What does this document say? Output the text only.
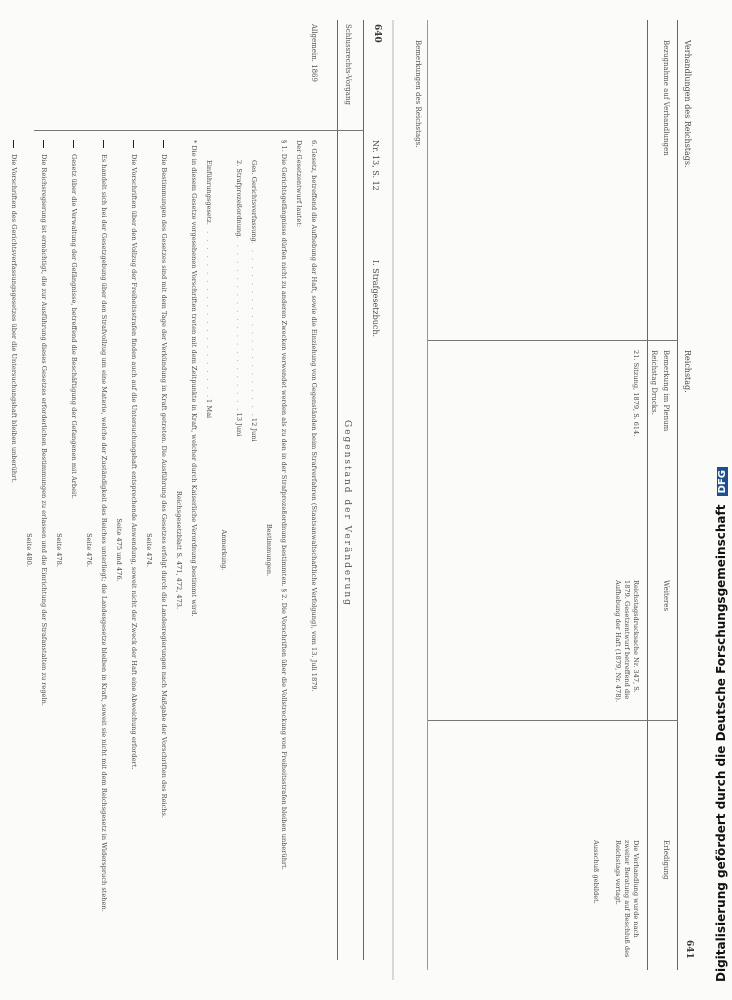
640
Nr. 13, S. 12
I. Strafgesetzbuch.
Schlussrechts-Vorgang
Gegenstand der Veränderung
Allgemein. 1869

6. Gesetz, betreffend die Aufhebung der Haft, sowie die Einziehung von Gegenständen beim Strafverfahren (Staatsanwaltschaftliche Verfolgung), vom 13. Juli 1879.

Der Gesetzentwurf lautet:

§ 1. Die Gerichtsgefängnisse dürfen nicht zu anderen Zwecken verwendet werden als zu den in der Strafprozeßordnung bestimmten. § 2. Die Vorschriften über die Vollstreckung von Freiheitsstrafen bleiben unberührt.

Bestimmungen.
Ges. Gerichtsverfassung. . . . . . . . . . . . . . . . . . . . . .12 Juni
2. Strafprozeßordnung. . . . . . . . . . . . . . . . . . . . . .13 Juni
Anmerkung.
Einführungsgesetz. . . . . . . . . . . . . . . . . . . . . .1 Mai

* Die in diesem Gesetze vorgesehenen Vorschriften treten mit dem Zeitpunkte in Kraft, welcher durch Kaiserliche Verordnung bestimmt wird.

Reichsgesetzblatt S. 471, 472, 473.

Die Bestimmungen des Gesetzes sind mit dem Tage der Verkündung in Kraft getreten. Die Ausführung des Gesetzes erfolgt durch die Landesregierungen nach Maßgabe der Vorschriften des Reichs.

Seite 474.

Die Vorschriften über den Vollzug der Freiheitsstrafen finden auch auf die Untersuchungshaft entsprechende Anwendung, soweit nicht der Zweck der Haft eine Abweichung erfordert.

Seite 475 und 476.

Es handelt sich bei der Gesetzgebung über den Strafvollzug um eine Materie, welche der Zuständigkeit des Reiches unterliegt; die Landesgesetze bleiben in Kraft, soweit sie nicht mit dem Reichsgesetz in Widerspruch stehen.

Seite 476.

Gesetz über die Verwaltung der Gefängnisse, betreffend die Beschäftigung der Gefangenen mit Arbeit.

Seite 478.

Die Reichsregierung ist ermächtigt, die zur Ausführung dieses Gesetzes erforderlichen Bestimmungen zu erlassen und die Einrichtung der Strafanstalten zu regeln.

Seite 480.

Die Vorschriften des Gerichtsverfassungsgesetzes über die Untersuchungshaft bleiben unberührt.

Verhandlungen des Reichstags.
Reichstag.
641
Bezugnahme auf Verhandlungen
Bemerkung im Plenum
Reichstag Drucks.
Weiteres
Erledigung
21. Sitzung, 1879, S. 614.
Reichstagsdrucksache Nr. 347, S. 1879. Gesetzentwurf betreffend die Aufhebung der Haft (1879, Nr. 478).
Die Verhandlung wurde nach zweiter Beratung auf Beschluß des Reichstags vertagt.
Ausschuß gebildet.
Bemerkungen des Reichstags.
Digitalisierung gefördert durch die Deutsche Forschungsgemeinschaft DFG
